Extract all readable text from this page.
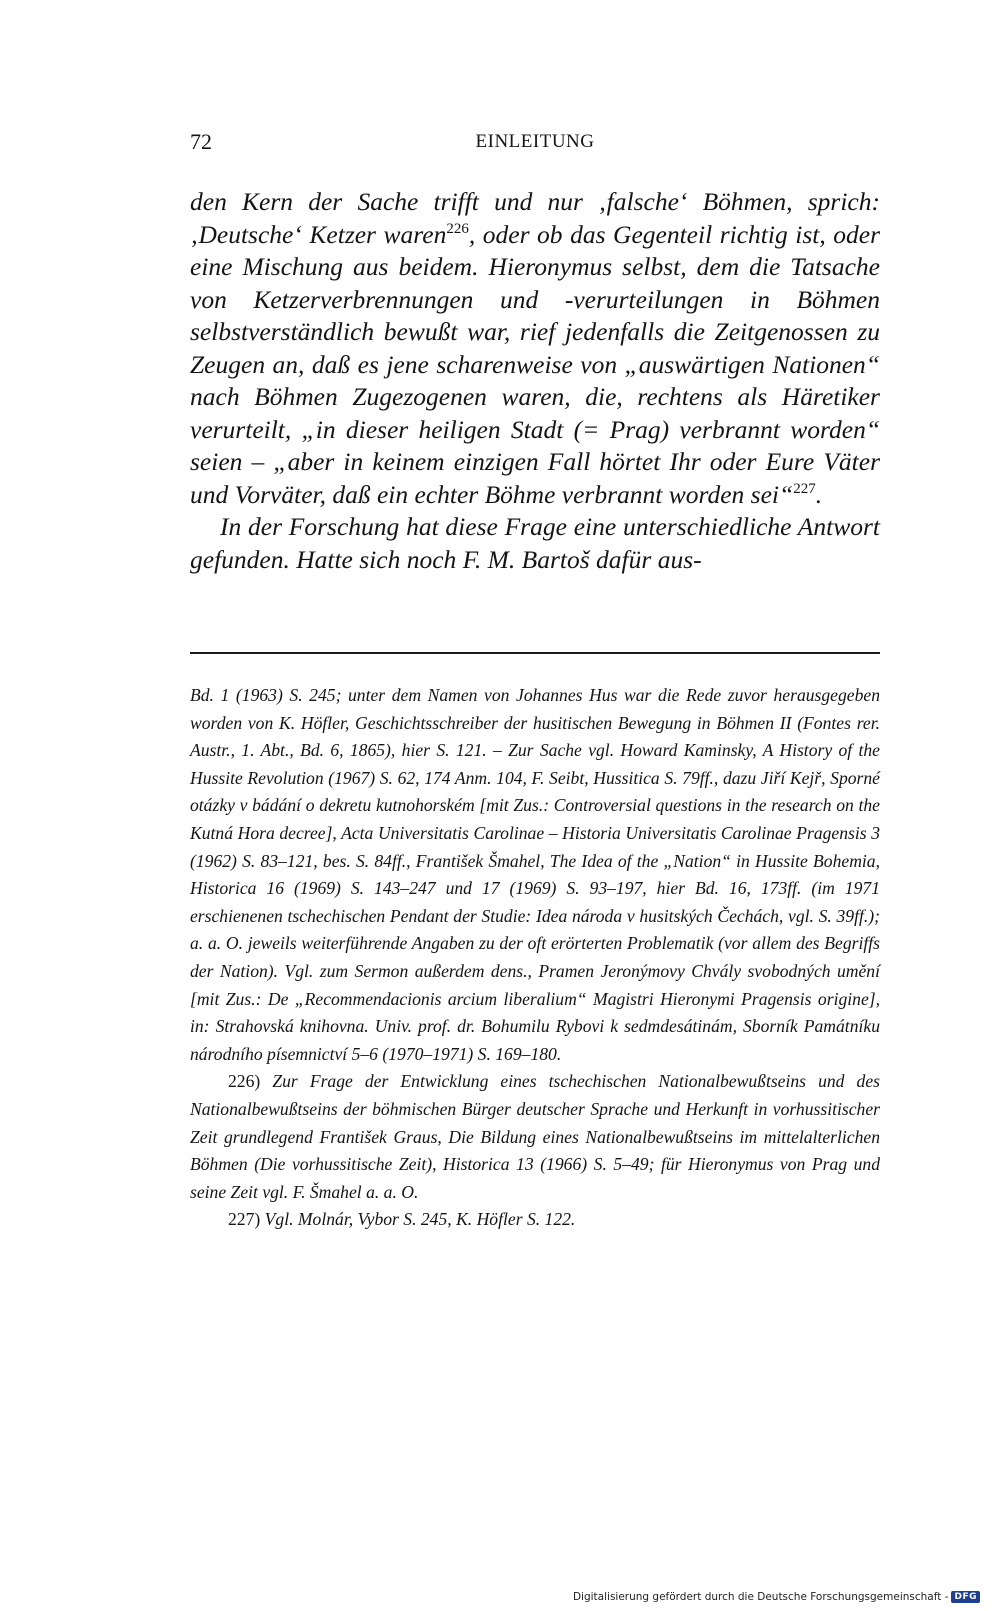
72	EINLEITUNG

den Kern der Sache trifft und nur ‚falsche‘ Böhmen, sprich: ‚Deutsche‘ Ketzer waren$^{226}$, oder ob das Gegenteil richtig ist, oder eine Mischung aus beidem. Hieronymus selbst, dem die Tatsache von Ketzerverbrennungen und -verurteilungen in Böhmen selbstverständlich bewußt war, rief jedenfalls die Zeitgenossen zu Zeugen an, daß es jene scharenweise von „auswärtigen Nationen“ nach Böhmen Zugezogenen waren, die, rechtens als Häretiker verurteilt, „in dieser heiligen Stadt (= Prag) verbrannt worden“ seien – „aber in keinem einzigen Fall hörtet Ihr oder Eure Väter und Vorväter, daß ein echter Böhme verbrannt worden sei“$^{227}$.

In der Forschung hat diese Frage eine unterschiedliche Antwort gefunden. Hatte sich noch F. M. Bartoš dafür aus-

Bd. 1 (1963) S. 245; unter dem Namen von Johannes Hus war die Rede zuvor herausgegeben worden von K. Höfler, Geschichtsschreiber der husitischen Bewegung in Böhmen II (Fontes rer. Austr., 1. Abt., Bd. 6, 1865), hier S. 121. – Zur Sache vgl. Howard Kaminsky, A History of the Hussite Revolution (1967) S. 62, 174 Anm. 104, F. Seibt, Hussitica S. 79ff., dazu Jiří Kejř, Sporné otázky v bádání o dekretu kutnohorském [mit Zus.: Controversial questions in the research on the Kutná Hora decree], Acta Universitatis Carolinae – Historia Universitatis Carolinae Pragensis 3 (1962) S. 83–121, bes. S. 84ff., František Šmahel, The Idea of the „Nation“ in Hussite Bohemia, Historica 16 (1969) S. 143–247 und 17 (1969) S. 93–197, hier Bd. 16, 173ff. (im 1971 erschienenen tschechischen Pendant der Studie: Idea národa v husitských Čechách, vgl. S. 39ff.); a. a. O. jeweils weiterführende Angaben zu der oft erörterten Problematik (vor allem des Begriffs der Nation). Vgl. zum Sermon außerdem dens., Pramen Jeronýmovy Chvály svobodných umění [mit Zus.: De „Recommendacionis arcium liberalium“ Magistri Hieronymi Pragensis origine], in: Strahovská knihovna. Univ. prof. dr. Bohumilu Rybovi k sedmdesátinám, Sborník Památníku národního písemnictví 5–6 (1970–1971) S. 169–180.

226) Zur Frage der Entwicklung eines tschechischen Nationalbewußtseins und des Nationalbewußtseins der böhmischen Bürger deutscher Sprache und Herkunft in vorhussitischer Zeit grundlegend František Graus, Die Bildung eines Nationalbewußtseins im mittelalterlichen Böhmen (Die vorhussitische Zeit), Historica 13 (1966) S. 5–49; für Hieronymus von Prag und seine Zeit vgl. F. Šmahel a. a. O.

227) Vgl. Molnár, Vybor S. 245, K. Höfler S. 122.

Digitalisierung gefördert durch die Deutsche Forschungsgemeinschaft - DFG
